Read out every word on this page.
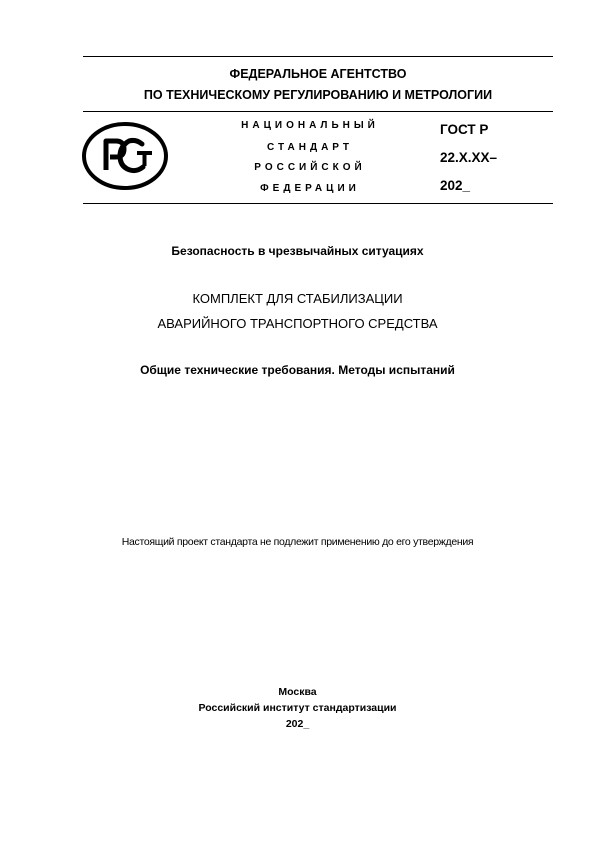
ФЕДЕРАЛЬНОЕ АГЕНТСТВО
ПО ТЕХНИЧЕСКОМУ РЕГУЛИРОВАНИЮ И МЕТРОЛОГИИ
НАЦИОНАЛЬНЫЙ
СТАНДАРТ
РОССИЙСКОЙ
ФЕДЕРАЦИИ
ГОСТ Р
22.Х.ХХ–
202_
Безопасность в чрезвычайных ситуациях
КОМПЛЕКТ ДЛЯ СТАБИЛИЗАЦИИ
АВАРИЙНОГО ТРАНСПОРТНОГО СРЕДСТВА
Общие технические требования. Методы испытаний
Настоящий проект стандарта не подлежит применению до его утверждения
Москва
Российский институт стандартизации
202_
